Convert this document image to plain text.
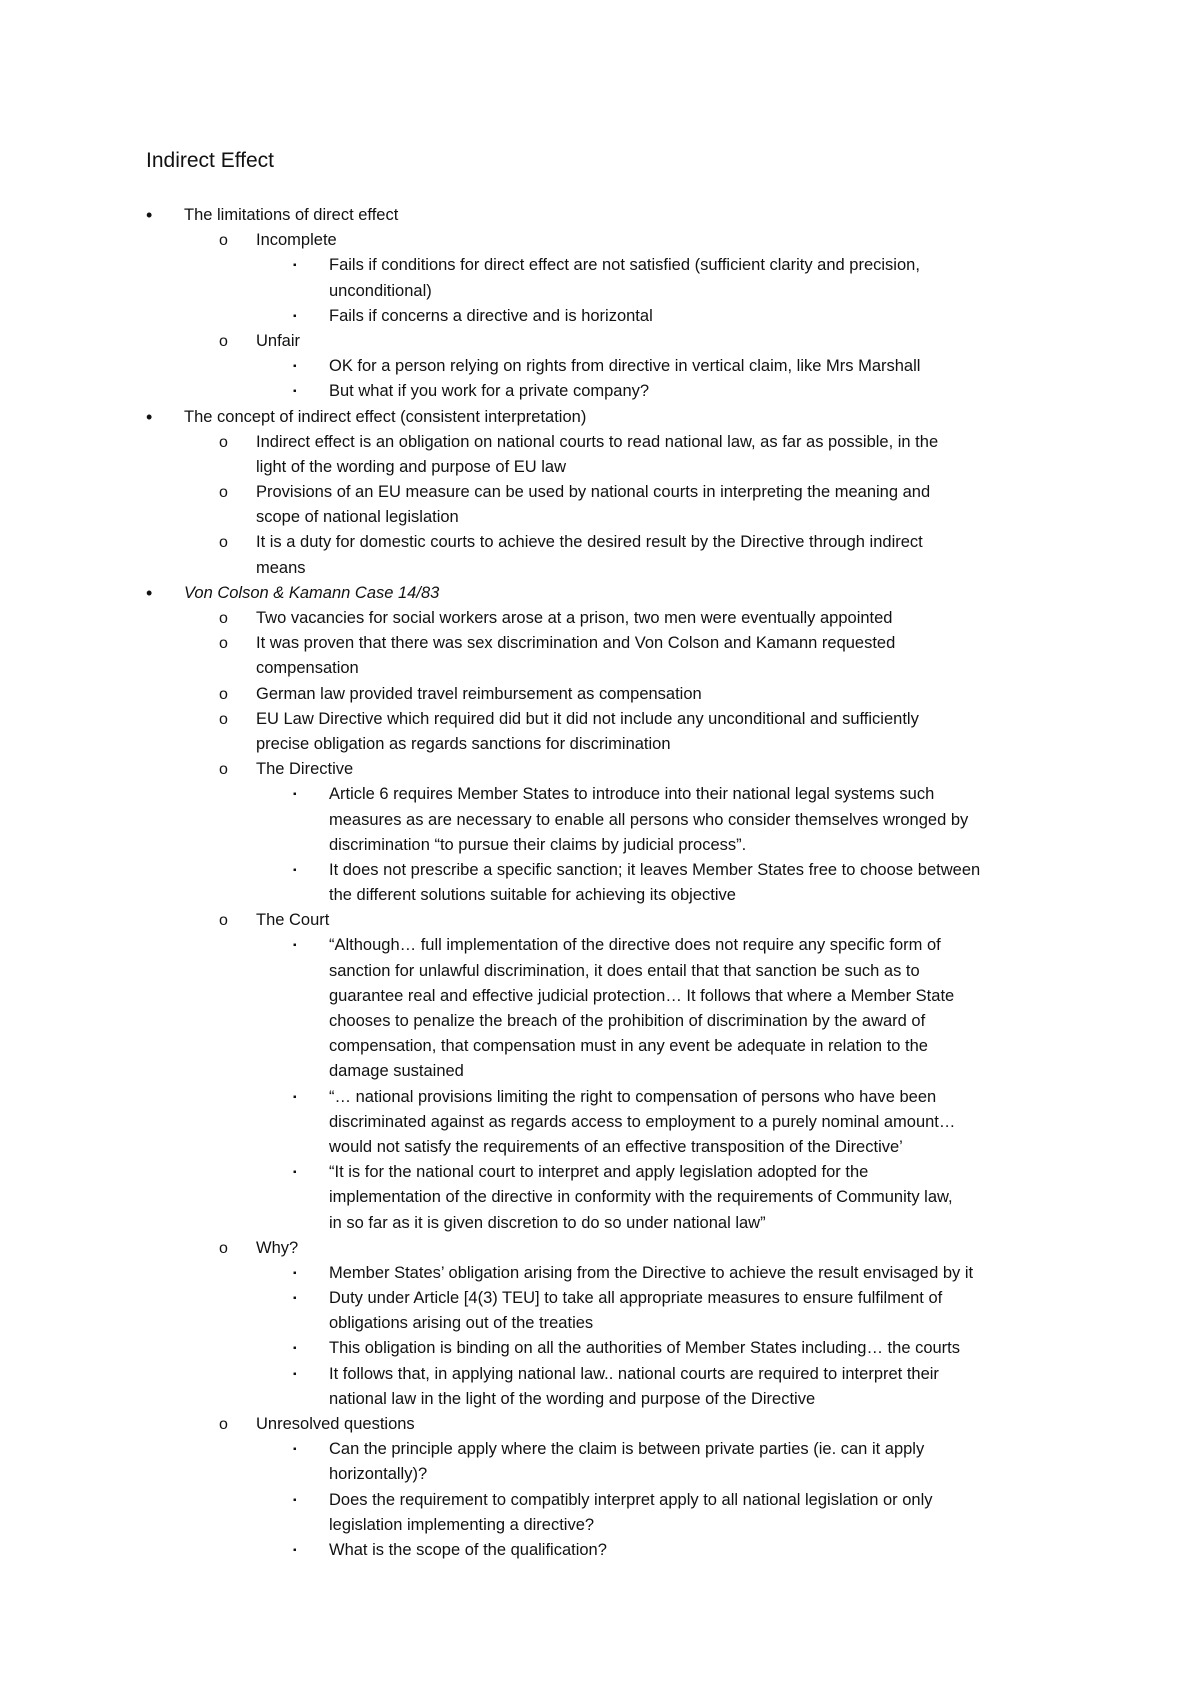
Indirect Effect
• The limitations of direct effect
o Incomplete
▪ Fails if conditions for direct effect are not satisfied (sufficient clarity and precision,
unconditional)
▪ Fails if concerns a directive and is horizontal
o Unfair
▪ OK for a person relying on rights from directive in vertical claim, like Mrs Marshall
▪ But what if you work for a private company?
• The concept of indirect effect (consistent interpretation)
o Indirect effect is an obligation on national courts to read national law, as far as possible, in the
light of the wording and purpose of EU law
o Provisions of an EU measure can be used by national courts in interpreting the meaning and
scope of national legislation
o It is a duty for domestic courts to achieve the desired result by the Directive through indirect
means
• Von Colson & Kamann Case 14/83
o Two vacancies for social workers arose at a prison, two men were eventually appointed
o It was proven that there was sex discrimination and Von Colson and Kamann requested
compensation
o German law provided travel reimbursement as compensation
o EU Law Directive which required did but it did not include any unconditional and sufficiently
precise obligation as regards sanctions for discrimination
o The Directive
▪ Article 6 requires Member States to introduce into their national legal systems such
measures as are necessary to enable all persons who consider themselves wronged by
discrimination “to pursue their claims by judicial process”.
▪ It does not prescribe a specific sanction; it leaves Member States free to choose between
the different solutions suitable for achieving its objective
o The Court
▪ “Although… full implementation of the directive does not require any specific form of
sanction for unlawful discrimination, it does entail that that sanction be such as to
guarantee real and effective judicial protection… It follows that where a Member State
chooses to penalize the breach of the prohibition of discrimination by the award of
compensation, that compensation must in any event be adequate in relation to the
damage sustained
▪ “… national provisions limiting the right to compensation of persons who have been
discriminated against as regards access to employment to a purely nominal amount…
would not satisfy the requirements of an effective transposition of the Directive’
▪ “It is for the national court to interpret and apply legislation adopted for the
implementation of the directive in conformity with the requirements of Community law,
in so far as it is given discretion to do so under national law”
o Why?
▪ Member States’ obligation arising from the Directive to achieve the result envisaged by it
▪ Duty under Article [4(3) TEU] to take all appropriate measures to ensure fulfilment of
obligations arising out of the treaties
▪ This obligation is binding on all the authorities of Member States including… the courts
▪ It follows that, in applying national law.. national courts are required to interpret their
national law in the light of the wording and purpose of the Directive
o Unresolved questions
▪ Can the principle apply where the claim is between private parties (ie. can it apply
horizontally)?
▪ Does the requirement to compatibly interpret apply to all national legislation or only
legislation implementing a directive?
▪ What is the scope of the qualification?
